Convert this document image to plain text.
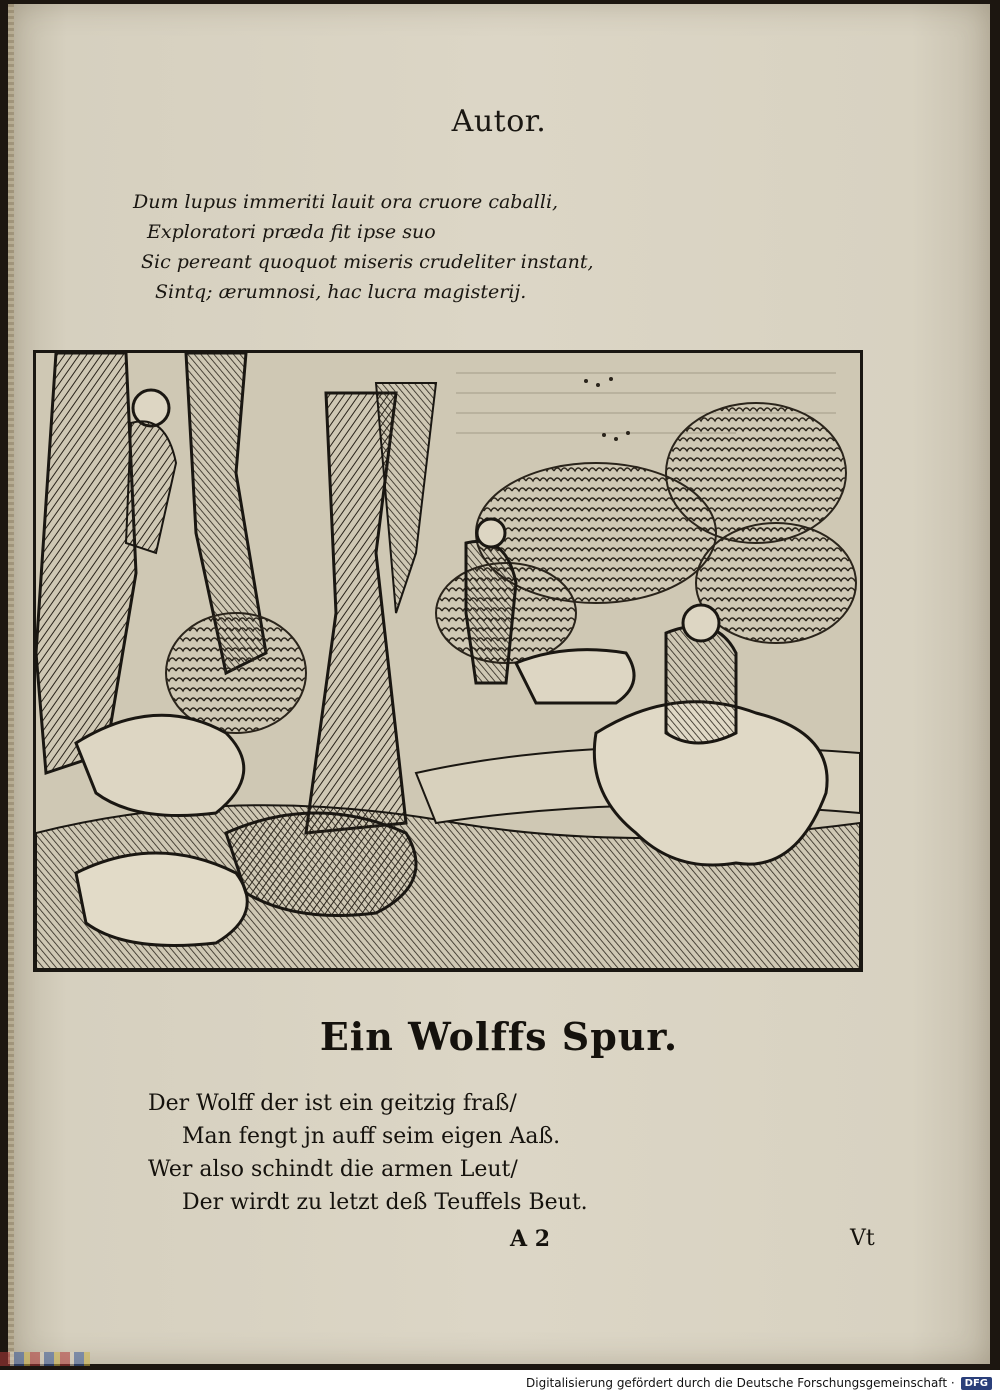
Autor.
Dum lupus immeriti lauit ora cruore caballi,
Exploratori præda fit ipse suo
Sic pereant quoquot miseris crudeliter instant,
Sintq; ærumnosi, hac lucra magisterij.
Ein Wolffs Spur.
Der Wolff der ist ein geitzig fraß/
Man fengt jn auff seim eigen Aaß.
Wer also schindt die armen Leut/
Der wirdt zu letzt deß Teuffels Beut.
A 2	Vt
Digitalisierung gefördert durch die Deutsche Forschungsgemeinschaft ·	DFG
